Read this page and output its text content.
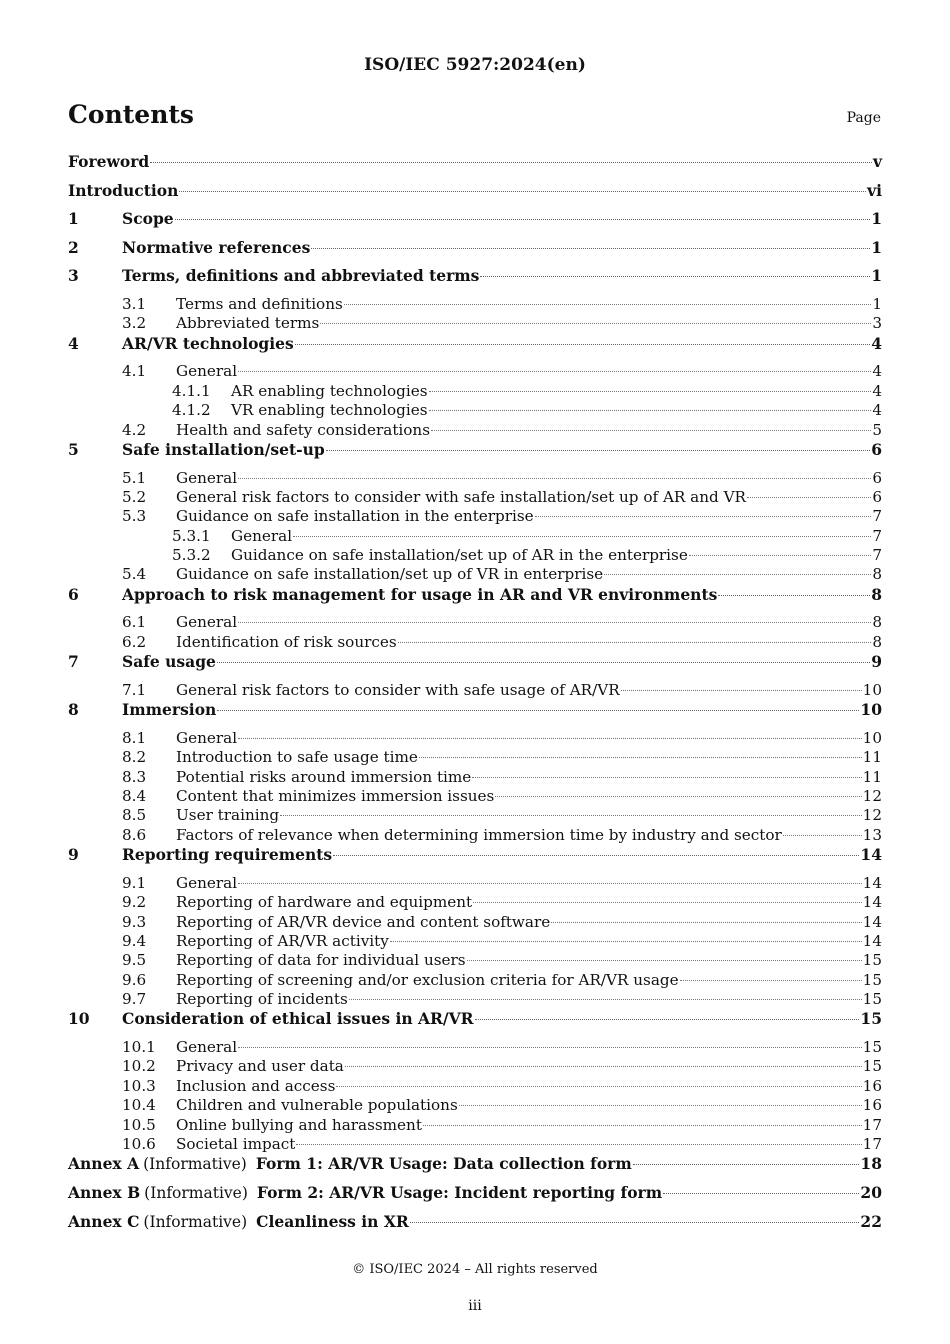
ISO/IEC 5927:2024(en)
Contents	Page
Foreword	v
Introduction	vi
1	Scope	1
2	Normative references	1
3	Terms, definitions and abbreviated terms	1
3.1	Terms and definitions	1
3.2	Abbreviated terms	3
4	AR/VR technologies	4
4.1	General	4
4.1.1	AR enabling technologies	4
4.1.2	VR enabling technologies	4
4.2	Health and safety considerations	5
5	Safe installation/set-up	6
5.1	General	6
5.2	General risk factors to consider with safe installation/set up of AR and VR	6
5.3	Guidance on safe installation in the enterprise	7
5.3.1	General	7
5.3.2	Guidance on safe installation/set up of AR in the enterprise	7
5.4	Guidance on safe installation/set up of VR in enterprise	8
6	Approach to risk management for usage in AR and VR environments	8
6.1	General	8
6.2	Identification of risk sources	8
7	Safe usage	9
7.1	General risk factors to consider with safe usage of AR/VR	10
8	Immersion	10
8.1	General	10
8.2	Introduction to safe usage time	11
8.3	Potential risks around immersion time	11
8.4	Content that minimizes immersion issues	12
8.5	User training	12
8.6	Factors of relevance when determining immersion time by industry and sector	13
9	Reporting requirements	14
9.1	General	14
9.2	Reporting of hardware and equipment	14
9.3	Reporting of AR/VR device and content software	14
9.4	Reporting of AR/VR activity	14
9.5	Reporting of data for individual users	15
9.6	Reporting of screening and/or exclusion criteria for AR/VR usage	15
9.7	Reporting of incidents	15
10	Consideration of ethical issues in AR/VR	15
10.1	General	15
10.2	Privacy and user data	15
10.3	Inclusion and access	16
10.4	Children and vulnerable populations	16
10.5	Online bullying and harassment	17
10.6	Societal impact	17
Annex A (Informative) Form 1: AR/VR Usage: Data collection form	18
Annex B (Informative) Form 2: AR/VR Usage: Incident reporting form	20
Annex C (Informative) Cleanliness in XR	22
© ISO/IEC 2024 – All rights reserved
iii
